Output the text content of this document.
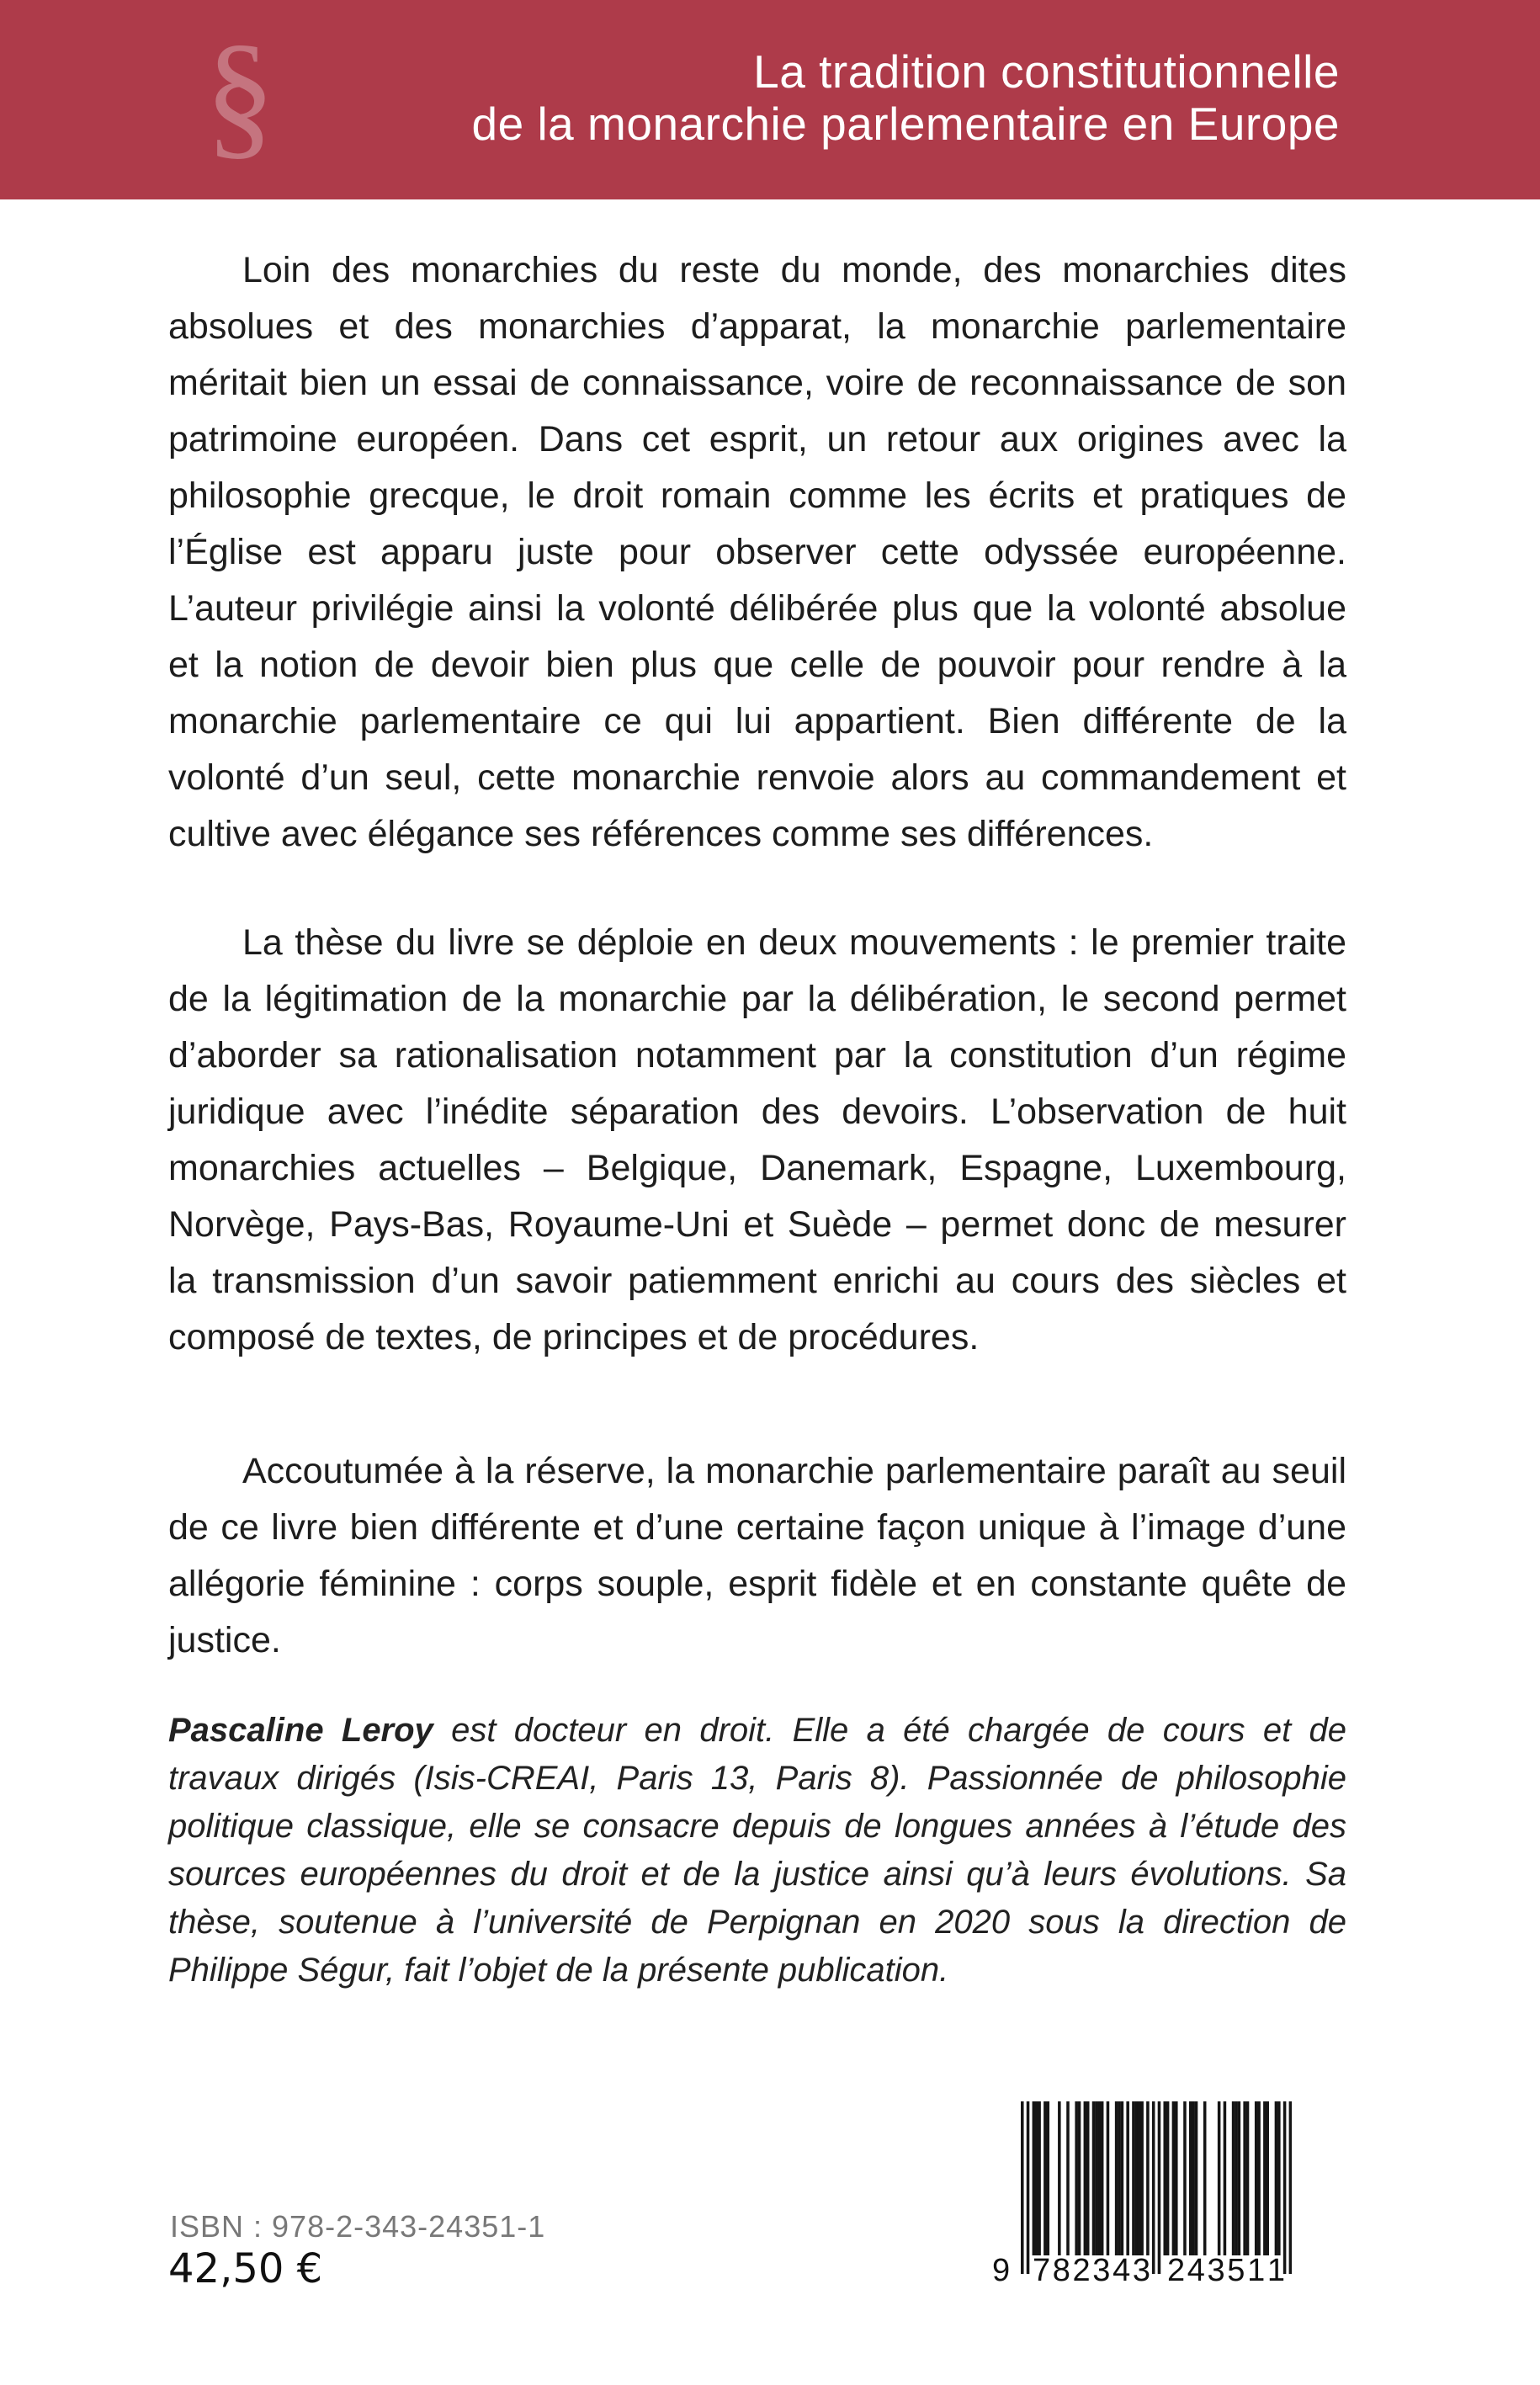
§	La tradition constitutionnelle
de la monarchie parlementaire en Europe

Loin des monarchies du reste du monde, des monarchies dites absolues et des monarchies d’apparat, la monarchie parlementaire méritait bien un essai de connaissance, voire de reconnaissance de son patrimoine européen. Dans cet esprit, un retour aux origines avec la philosophie grecque, le droit romain comme les écrits et pratiques de l’Église est apparu juste pour observer cette odyssée européenne. L’auteur privilégie ainsi la volonté délibérée plus que la volonté absolue et la notion de devoir bien plus que celle de pouvoir pour rendre à la monarchie parlementaire ce qui lui appartient. Bien différente de la volonté d’un seul, cette monarchie renvoie alors au commandement et cultive avec élégance ses références comme ses différences.

La thèse du livre se déploie en deux mouvements : le premier traite de la légitimation de la monarchie par la délibération, le second permet d’aborder sa rationalisation notamment par la constitution d’un régime juridique avec l’inédite séparation des devoirs. L’observation de huit monarchies actuelles – Belgique, Danemark, Espagne, Luxembourg, Norvège, Pays-Bas, Royaume-Uni et Suède – permet donc de mesurer la transmission d’un savoir patiemment enrichi au cours des siècles et composé de textes, de principes et de procédures.

Accoutumée à la réserve, la monarchie parlementaire paraît au seuil de ce livre bien différente et d’une certaine façon unique à l’image d’une allégorie féminine : corps souple, esprit fidèle et en constante quête de justice.

Pascaline Leroy est docteur en droit. Elle a été chargée de cours et de travaux dirigés (Isis-CREAI, Paris 13, Paris 8). Passionnée de philosophie politique classique, elle se consacre depuis de longues années à l’étude des sources européennes du droit et de la justice ainsi qu’à leurs évolutions. Sa thèse, soutenue à l’université de Perpignan en 2020 sous la direction de Philippe Ségur, fait l’objet de la présente publication.
ISBN : 978-2-343-24351-1
42,50 €	9 7 8 2 3 4 3 2 4 3 5 1 1
